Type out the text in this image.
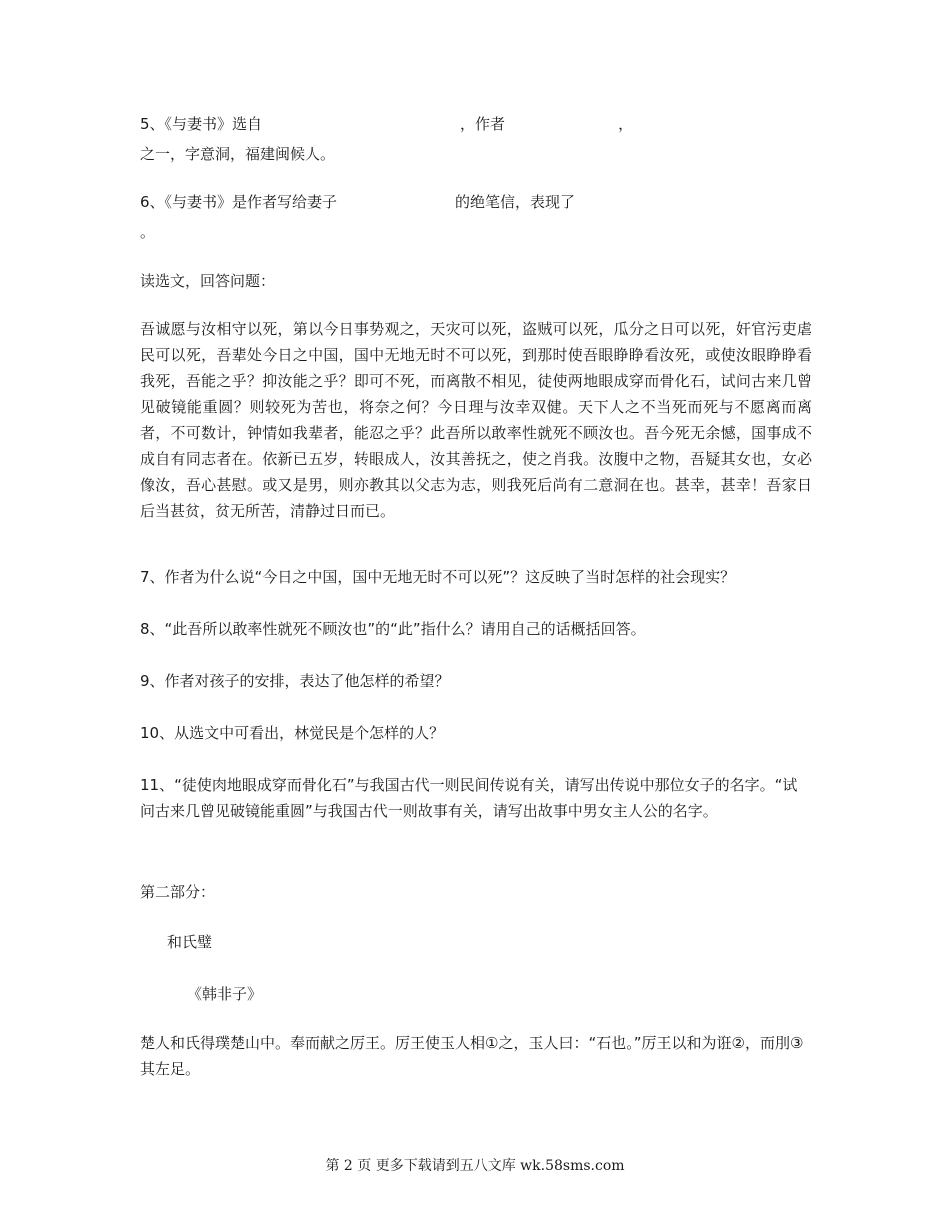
5、《与妻书》选自	，作者	，
之一，字意洞，福建闽候人。
6、《与妻书》是作者写给妻子	的绝笔信，表现了
。
读选文，回答问题：
吾诚愿与汝相守以死，第以今日事势观之，天灾可以死，盗贼可以死，瓜分之日可以死，奸官污吏虐民可以死，吾辈处今日之中国，国中无地无时不可以死，到那时使吾眼睁睁看汝死，或使汝眼睁睁看我死，吾能之乎？抑汝能之乎？即可不死，而离散不相见，徒使两地眼成穿而骨化石，试问古来几曾见破镜能重圆？则较死为苦也，将奈之何？今日理与汝幸双健。天下人之不当死而死与不愿离而离者，不可数计，钟情如我辈者，能忍之乎？此吾所以敢率性就死不顾汝也。吾今死无余憾，国事成不成自有同志者在。依新已五岁，转眼成人，汝其善抚之，使之肖我。汝腹中之物，吾疑其女也，女必像汝，吾心甚慰。或又是男，则亦教其以父志为志，则我死后尚有二意洞在也。甚幸，甚幸！吾家日后当甚贫，贫无所苦，清静过日而已。
7、作者为什么说“今日之中国，国中无地无时不可以死”？这反映了当时怎样的社会现实？
8、“此吾所以敢率性就死不顾汝也”的“此”指什么？请用自己的话概括回答。
9、作者对孩子的安排，表达了他怎样的希望？
10、从选文中可看出，林觉民是个怎样的人？
11、“徒使肉地眼成穿而骨化石”与我国古代一则民间传说有关，请写出传说中那位女子的名字。“试问古来几曾见破镜能重圆”与我国古代一则故事有关，请写出故事中男女主人公的名字。
第二部分：
和氏璧
《韩非子》
楚人和氏得璞楚山中。奉而献之厉王。厉王使玉人相①之，玉人曰：“石也。”厉王以和为诳②，而刖③其左足。
第 2 页 更多下载请到五八文库 wk.58sms.com
